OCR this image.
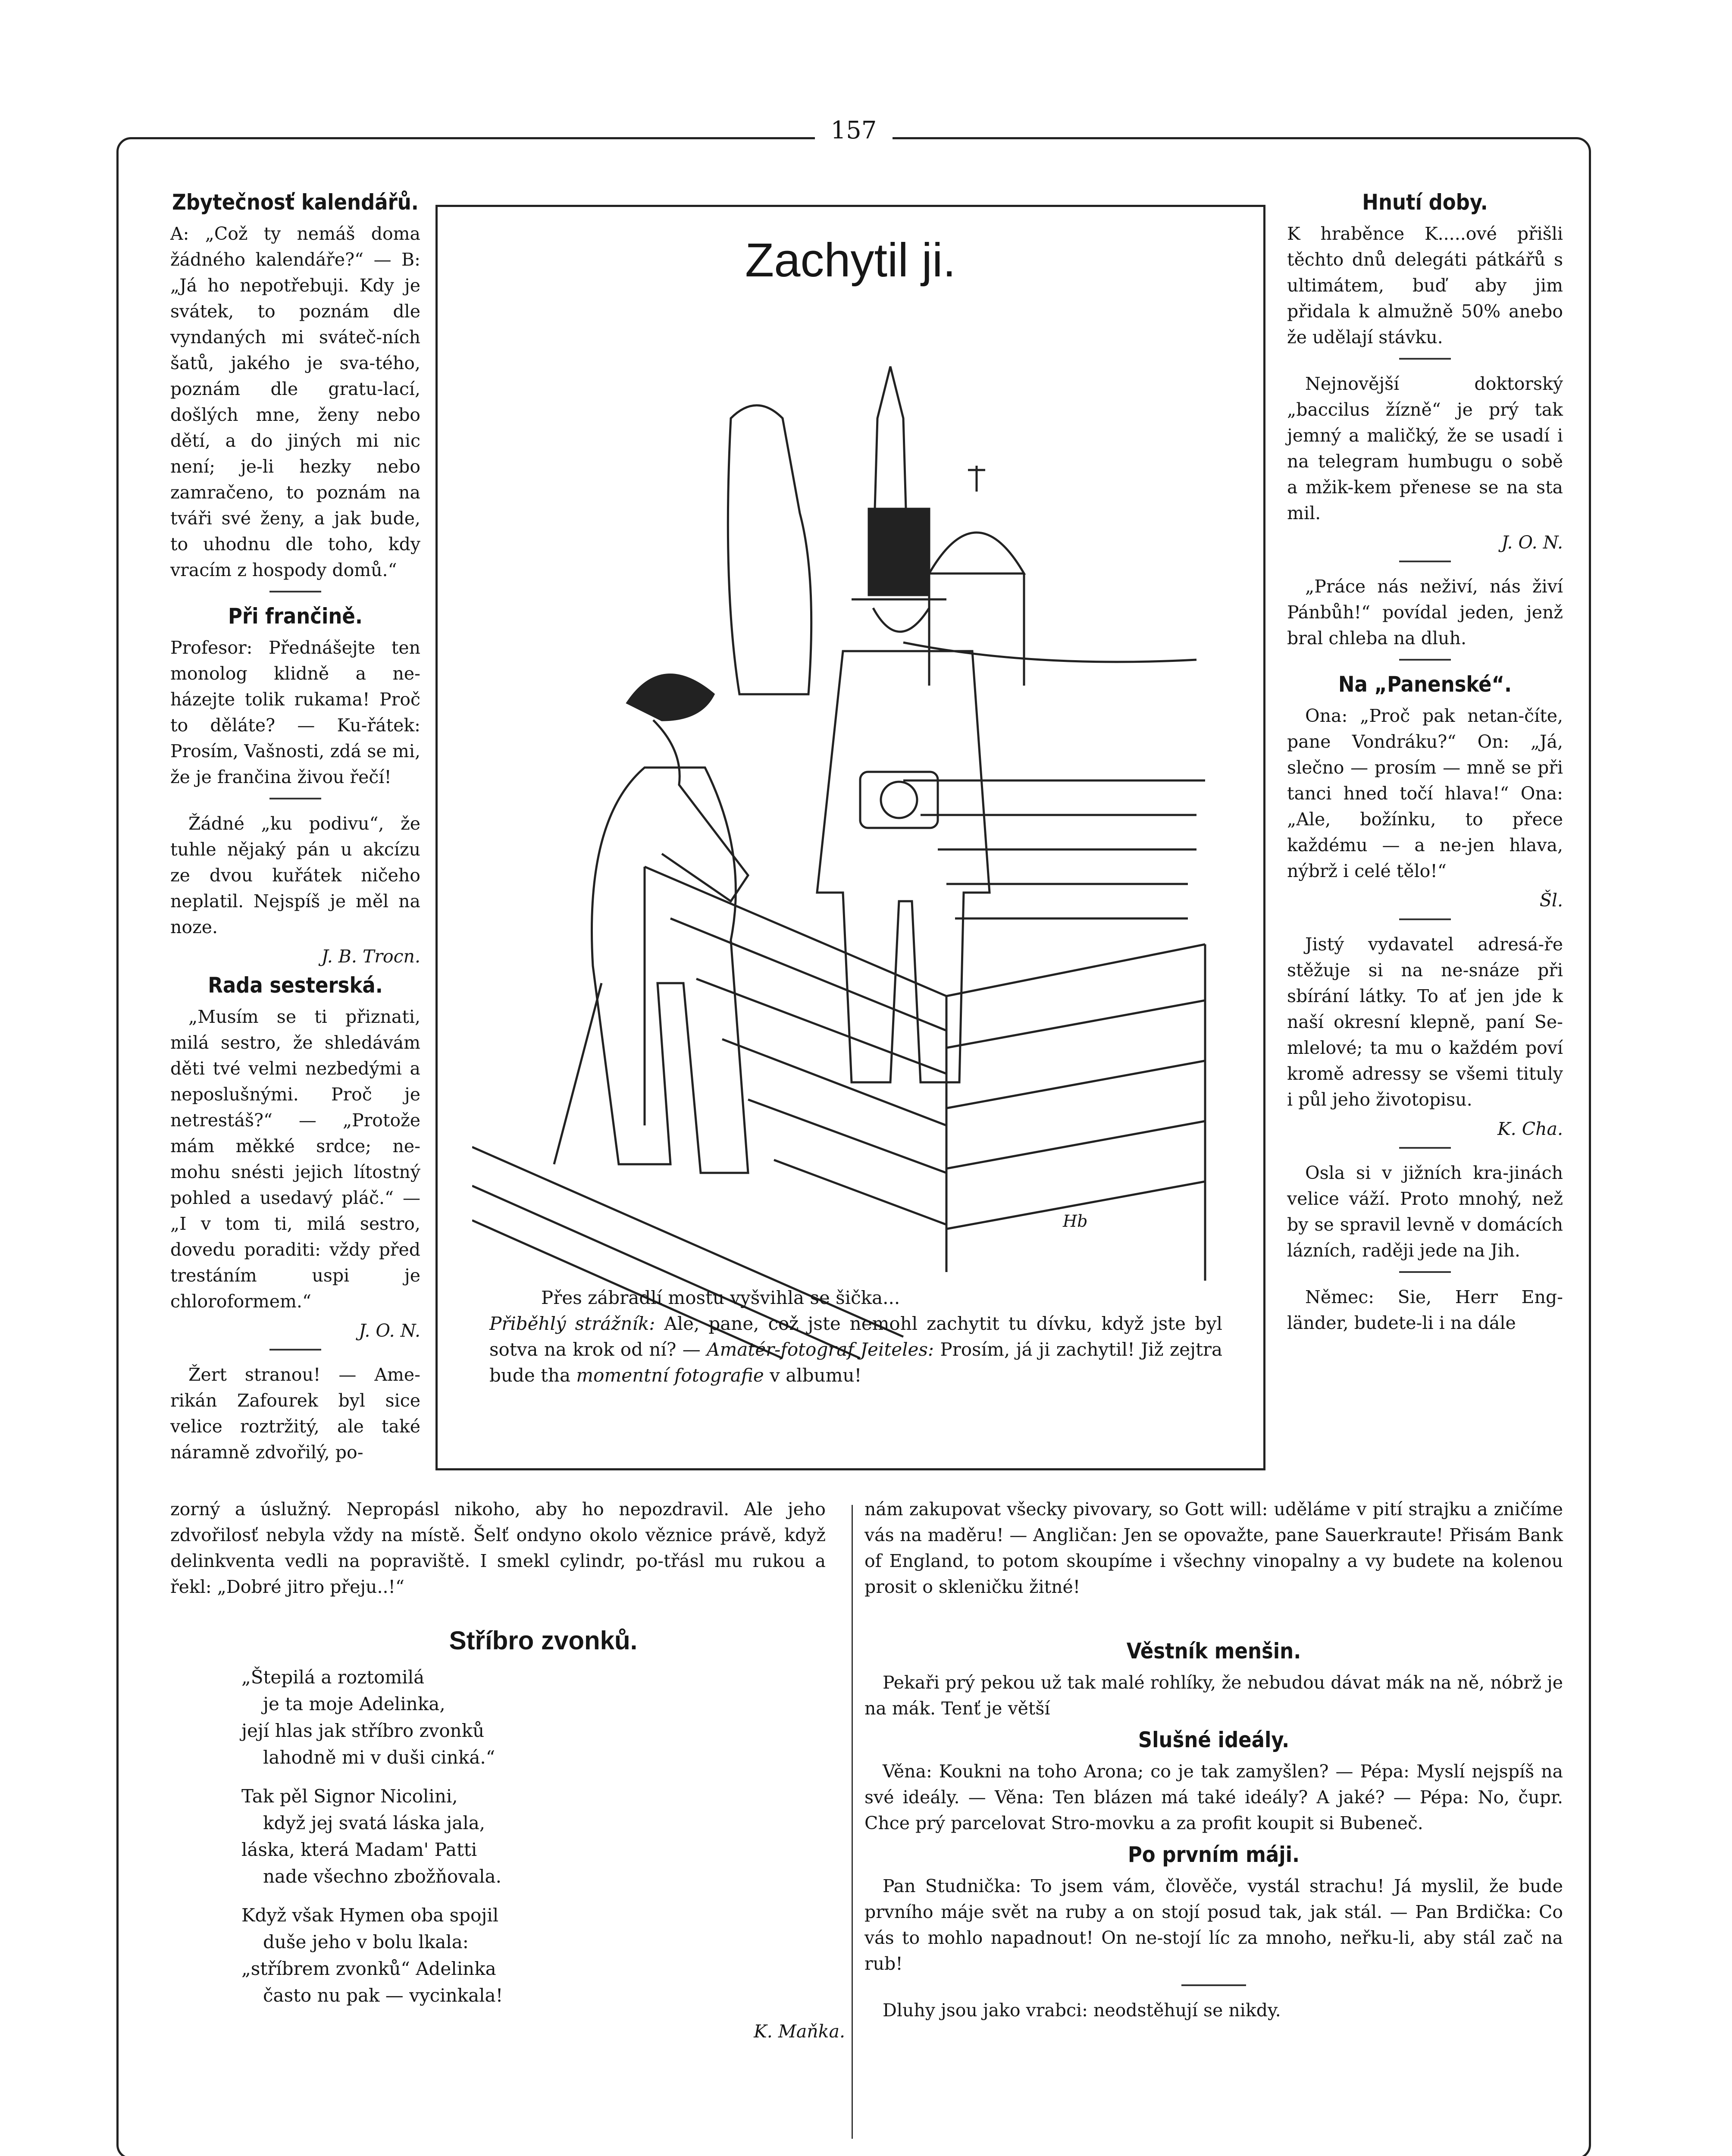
157
Zbytečnosť kalendářů.

A: „Což ty nemáš doma žádného kalendáře?“ — B: „Já ho nepotřebuji. Kdy je svátek, to poznám dle vyndaných mi sváteč-ních šatů, jakého je sva-tého, poznám dle gratu-lací, došlých mne, ženy nebo dětí, a do jiných mi nic není; je-li hezky nebo zamračeno, to poznám na tváři své ženy, a jak bude, to uhodnu dle toho, kdy vracím z hospody domů.“

Při frančině.

Profesor: Přednášejte ten monolog klidně a ne-házejte tolik rukama! Proč to děláte? — Ku-řátek: Prosím, Vašnosti, zdá se mi, že je frančina živou řečí!

Žádné „ku podivu“, že tuhle nějaký pán u akcízu ze dvou kuřátek ničeho neplatil. Nejspíš je měl na noze.

J. B. Trocn.

Rada sesterská.

„Musím se ti přiznati, milá sestro, že shledávám děti tvé velmi nezbedými a neposlušnými. Proč je netrestáš?“ — „Protože mám měkké srdce; ne-mohu snésti jejich lítostný pohled a usedavý pláč.“ — „I v tom ti, milá sestro, dovedu poraditi: vždy před trestáním uspi je chloroformem.“

J. O. N.

Žert stranou! — Ame-rikán Zafourek byl sice velice roztržitý, ale také náramně zdvořilý, po-

Zachytil ji.
Přes zábradlí mostu vyšvihla se šička...
Přiběhlý strážník: Ale, pane, což jste nemohl zachytit tu dívku, když jste byl sotva na krok od ní? — Amatér-fotograf Jeiteles: Prosím, já ji zachytil! Již zejtra bude tha momentní fotografie v albumu!
Hb
Hnutí doby.

K hraběnce K.....ové přišli těchto dnů delegáti pátkářů s ultimátem, buď aby jim přidala k almužně 50% anebo že udělají stávku.

Nejnovější doktorský „baccilus žízně“ je prý tak jemný a maličký, že se usadí i na telegram humbugu o sobě a mžik-kem přenese se na sta mil.

J. O. N.

„Práce nás neživí, nás živí Pánbůh!“ povídal jeden, jenž bral chleba na dluh.

Na „Panenské“.

Ona: „Proč pak netan-číte, pane Vondráku?“ On: „Já, slečno — prosím — mně se při tanci hned točí hlava!“ Ona: „Ale, božínku, to přece každému — a ne-jen hlava, nýbrž i celé tělo!“

Šl.

Jistý vydavatel adresá-ře stěžuje si na ne-snáze při sbírání látky. To ať jen jde k naší okresní klepně, paní Se-mlelové; ta mu o každém poví kromě adressy se všemi tituly i půl jeho životopisu.

K. Cha.

Osla si v jižních kra-jinách velice váží. Proto mnohý, než by se spravil levně v domácích lázních, raději jede na Jih.

Němec: Sie, Herr Eng-länder, budete-li i na dále

zorný a úslužný. Nepropásl nikoho, aby ho nepozdravil. Ale jeho zdvořilosť nebyla vždy na místě. Šelť ondyno okolo věznice právě, když delinkventa vedli na popraviště. I smekl cylindr, po-třásl mu rukou a řekl: „Dobré jitro přeju..!“

Stříbro zvonků.

„Štepilá a roztomilá

je ta moje Adelinka,

její hlas jak stříbro zvonků

lahodně mi v duši cinká.“

Tak pěl Signor Nicolini,

když jej svatá láska jala,

láska, která Madam' Patti

nade všechno zbožňovala.

Když však Hymen oba spojil

duše jeho v bolu lkala:

„stříbrem zvonků“ Adelinka

často nu pak — vycinkala!

K. Maňka.

nám zakupovat všecky pivovary, so Gott will: uděláme v pití strajku a zničíme vás na maděru! — Angličan: Jen se opovažte, pane Sauerkraute! Přisám Bank of England, to potom skoupíme i všechny vinopalny a vy budete na kolenou prosit o skleničku žitné!

Věstník menšin.

Pekaři prý pekou už tak malé rohlíky, že nebudou dávat mák na ně, nóbrž je na mák. Tenť je větší

Slušné ideály.

Věna: Koukni na toho Arona; co je tak zamyšlen? — Pépa: Myslí nejspíš na své ideály. — Věna: Ten blázen má také ideály? A jaké? — Pépa: No, čupr. Chce prý parcelovat Stro-movku a za profit koupit si Bubeneč.

Po prvním máji.

Pan Studnička: To jsem vám, člověče, vystál strachu! Já myslil, že bude prvního máje svět na ruby a on stojí posud tak, jak stál. — Pan Brdička: Co vás to mohlo napadnout! On ne-stojí líc za mnoho, neřku-li, aby stál zač na rub!

Dluhy jsou jako vrabci: neodstěhují se nikdy.
